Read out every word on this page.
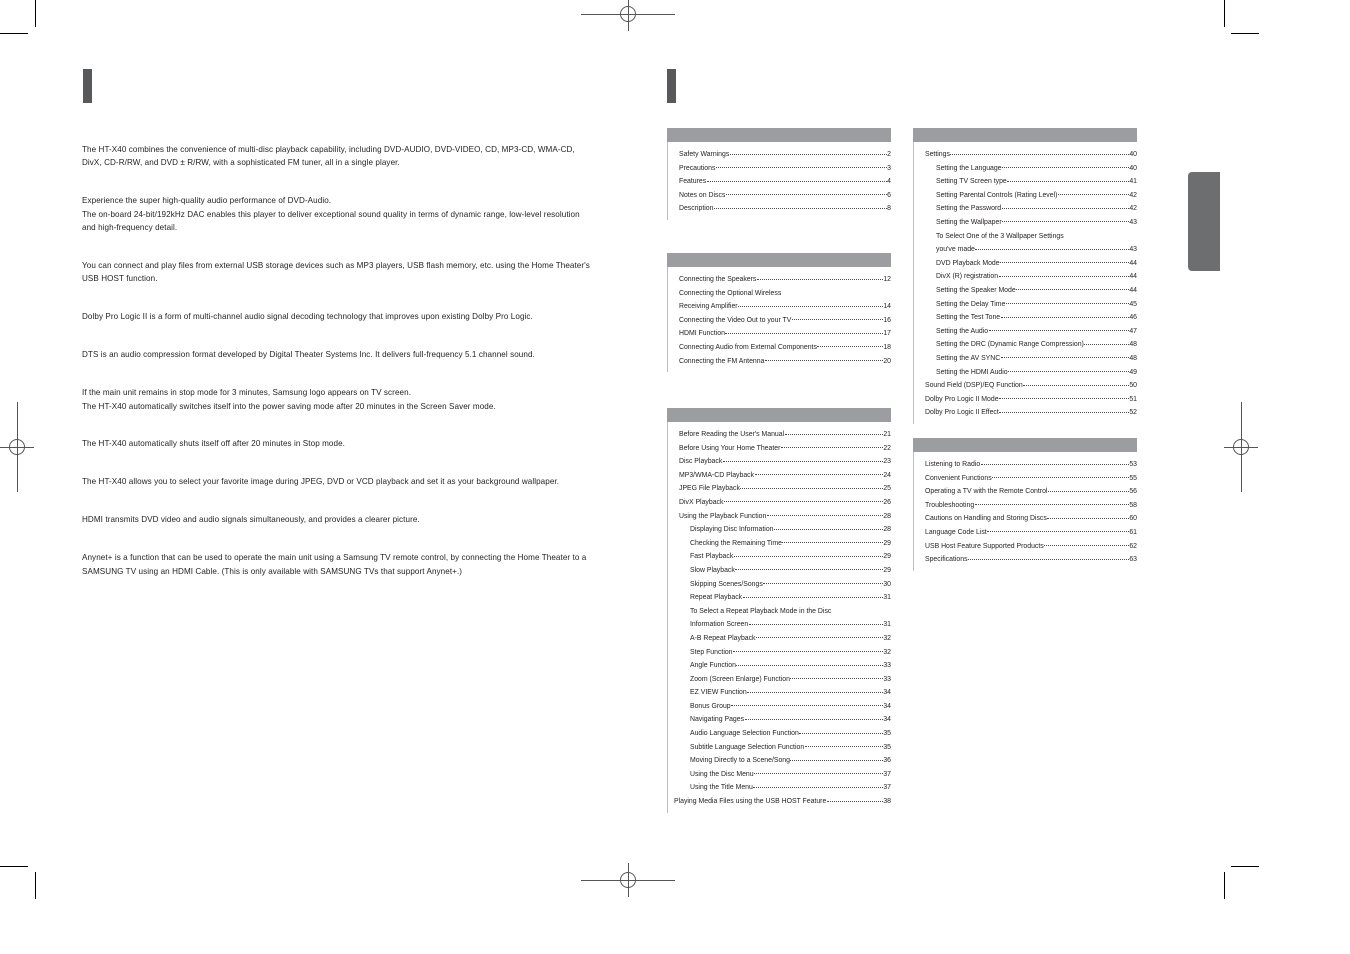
The HT-X40 combines the convenience of multi-disc playback capability, including DVD-AUDIO, DVD-VIDEO, CD, MP3-CD, WMA-CD, DivX, CD-R/RW, and DVD ± R/RW, with a sophisticated FM tuner, all in a single player.

Experience the super high-quality audio performance of DVD-Audio.
The on-board 24-bit/192kHz DAC enables this player to deliver exceptional sound quality in terms of dynamic range, low-level resolution and high-frequency detail.

You can connect and play files from external USB storage devices such as MP3 players, USB flash memory, etc. using the Home Theater's USB HOST function.

Dolby Pro Logic II is a form of multi-channel audio signal decoding technology that improves upon existing Dolby Pro Logic.

DTS is an audio compression format developed by Digital Theater Systems Inc. It delivers full-frequency 5.1 channel sound.

If the main unit remains in stop mode for 3 minutes, Samsung logo appears on TV screen.
The HT-X40 automatically switches itself into the power saving mode after 20 minutes in the Screen Saver mode.

The HT-X40 automatically shuts itself off after 20 minutes in Stop mode.

The HT-X40 allows you to select your favorite image during JPEG, DVD or VCD playback and set it as your background wallpaper.

HDMI transmits DVD video and audio signals simultaneously, and provides a clearer picture.

Anynet+ is a function that can be used to operate the main unit using a Samsung TV remote control, by connecting the Home Theater to a SAMSUNG TV using an HDMI Cable. (This is only available with SAMSUNG TVs that support Anynet+.)

Safety Warnings	2
Precautions	3
Features	4
Notes on Discs	6
Description	8
Connecting the Speakers	12
Connecting the Optional Wireless
Receiving Amplifier	14
Connecting the Video Out to your TV	16
HDMI Function	17
Connecting Audio from External Components	18
Connecting the FM Antenna	20
Before Reading the User's Manual	21
Before Using Your Home Theater	22
Disc Playback	23
MP3/WMA-CD Playback	24
JPEG File Playback	25
DivX Playback	26
Using the Playback Function	28
Displaying Disc Information	28
Checking the Remaining Time	29
Fast Playback	29
Slow Playback	29
Skipping Scenes/Songs	30
Repeat Playback	31
To Select a Repeat Playback Mode in the Disc
Information Screen	31
A-B Repeat Playback	32
Step Function	32
Angle Function	33
Zoom (Screen Enlarge) Function	33
EZ VIEW Function	34
Bonus Group	34
Navigating Pages	34
Audio Language Selection Function	35
Subtitle Language Selection Function	35
Moving Directly to a Scene/Song	36
Using the Disc Menu	37
Using the Title Menu	37
Playing Media Files using the USB HOST Feature	38
Settings	40
Setting the Language	40
Setting TV Screen type	41
Setting Parental Controls (Rating Level)	42
Setting the Password	42
Setting the Wallpaper	43
To Select One of the 3 Wallpaper Settings
you've made	43
DVD Playback Mode	44
DivX (R) registration	44
Setting the Speaker Mode	44
Setting the Delay Time	45
Setting the Test Tone	46
Setting the Audio	47
Setting the DRC (Dynamic Range Compression)	48
Setting the AV SYNC	48
Setting the HDMI Audio	49
Sound Field (DSP)/EQ Function	50
Dolby Pro Logic II Mode	51
Dolby Pro Logic II Effect	52
Listening to Radio	53
Convenient Functions	55
Operating a TV with the Remote Control	56
Troubleshooting	58
Cautions on Handling and Storing Discs	60
Language Code List	61
USB Host Feature Supported Products	62
Specifications	63
